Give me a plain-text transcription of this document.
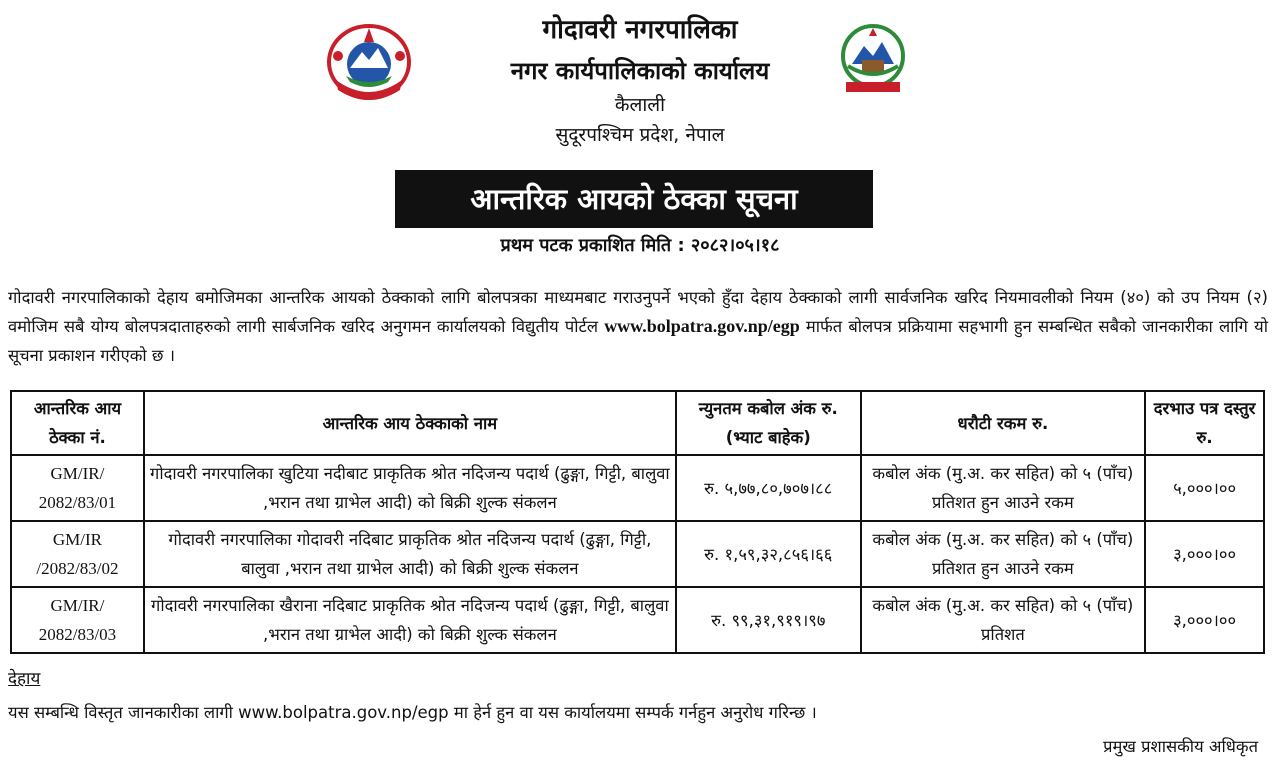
गोदावरी नगरपालिका

नगर कार्यपालिकाको कार्यालय

कैलाली

सुदूरपश्चिम प्रदेश, नेपाल

आन्तरिक आयको ठेक्का सूचना
प्रथम पटक प्रकाशित मिति : २०८२।०५।१८
गोदावरी नगरपालिकाको देहाय बमोजिमका आन्तरिक आयको ठेक्काको लागि बोलपत्रका माध्यमबाट गराउनुपर्ने भएको हुँदा देहाय ठेक्काको लागी सार्वजनिक खरिद नियमावलीको नियम (४०) को उप नियम (२) वमोजिम सबै योग्य बोलपत्रदाताहरुको लागी सार्बजनिक खरिद अनुगमन कार्यालयको विद्युतीय पोर्टल www.bolpatra.gov.np/egp मार्फत बोलपत्र प्रक्रियामा सहभागी हुन सम्बन्धित सबैको जानकारीका लागि यो सूचना प्रकाशन गरीएको छ ।
आन्तरिक आय ठेक्का नं.	आन्तरिक आय ठेक्काको नाम	न्युनतम कबोल अंक रु. (भ्याट बाहेक)	धरौटी रकम रु.	दरभाउ पत्र दस्तुर रु.
GM/IR/ 2082/83/01	गोदावरी नगरपालिका खुटिया नदीबाट प्राकृतिक श्रोत नदिजन्य पदार्थ (ढुङ्गा, गिट्टी, बालुवा ,भरान तथा ग्राभेल आदी) को बिक्री शुल्क संकलन	रु. ५,७७,८०,७०७।८८	कबोल अंक (मु.अ. कर सहित) को ५ (पाँच) प्रतिशत हुन आउने रकम	५,०००।००
GM/IR /2082/83/02	गोदावरी नगरपालिका गोदावरी नदिबाट प्राकृतिक श्रोत नदिजन्य पदार्थ (ढुङ्गा, गिट्टी, बालुवा ,भरान तथा ग्राभेल आदी) को बिक्री शुल्क संकलन	रु. १,५९,३२,८५६।६६	कबोल अंक (मु.अ. कर सहित) को ५ (पाँच) प्रतिशत हुन आउने रकम	३,०००।००
GM/IR/ 2082/83/03	गोदावरी नगरपालिका खैराना नदिबाट प्राकृतिक श्रोत नदिजन्य पदार्थ (ढुङ्गा, गिट्टी, बालुवा ,भरान तथा ग्राभेल आदी) को बिक्री शुल्क संकलन	रु. ९९,३१,९१९।९७	कबोल अंक (मु.अ. कर सहित) को ५ (पाँच) प्रतिशत	३,०००।००
देहाय
यस सम्बन्धि विस्तृत जानकारीका लागी www.bolpatra.gov.np/egp मा हेर्न हुन वा यस कार्यालयमा सम्पर्क गर्नहुन अनुरोध गरिन्छ ।
प्रमुख प्रशासकीय अधिकृत
